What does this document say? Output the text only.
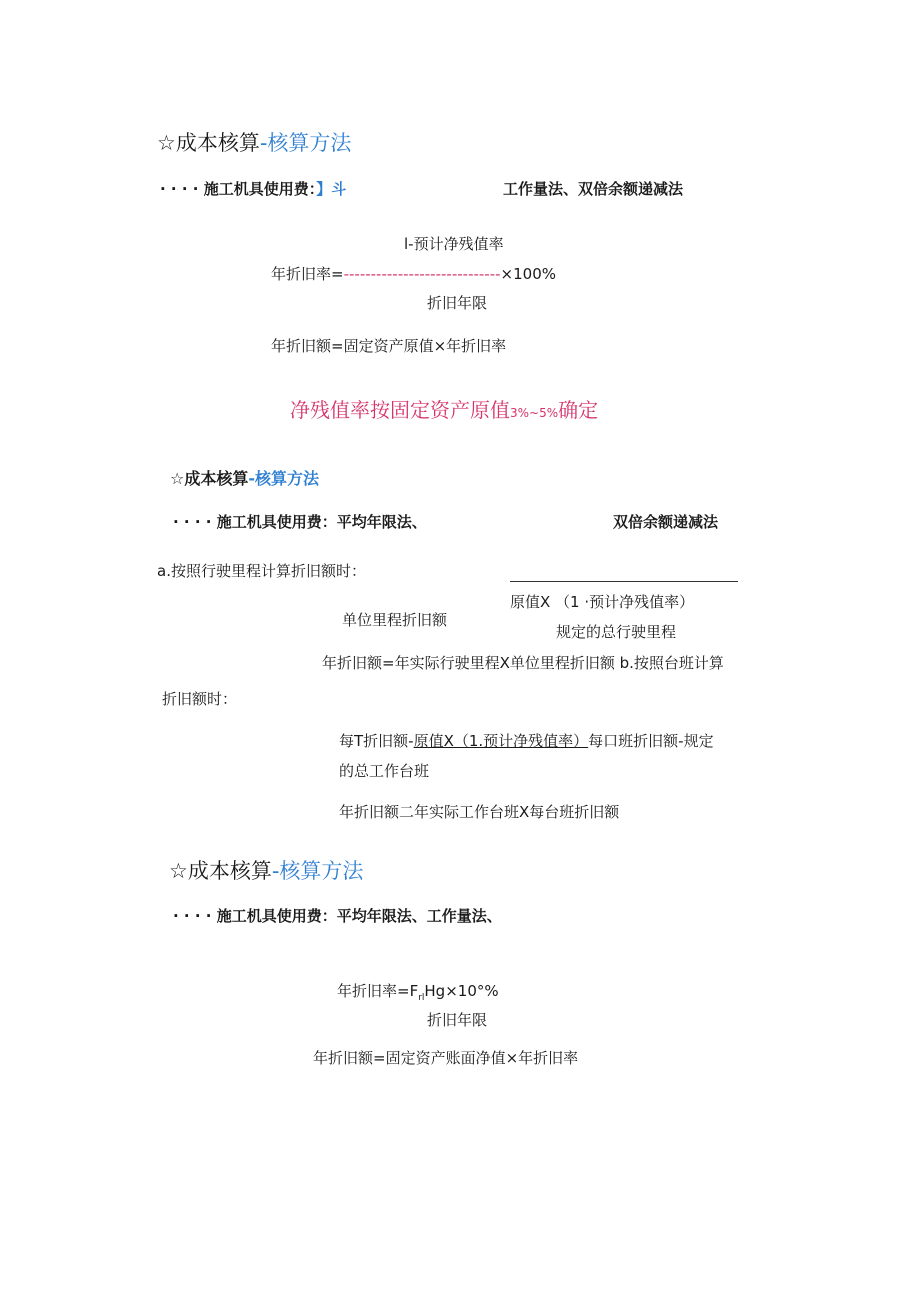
☆成本核算-核算方法
· · · · 施工机具使用费：】斗	工作量法、双倍余额递减法
l-预计净残值率
年折旧率=-----------------------------×100%
折旧年限
年折旧额=固定资产原值×年折旧率
净残值率按固定资产原值3%~5%确定
☆成本核算-核算方法
· · · · 施工机具使用费：平均年限法、	双倍余额递减法
a.按照行驶里程计算折旧额时：
原值X （1 ·预计净残值率）
单位里程折旧额
规定的总行驶里程
年折旧额=年实际行驶里程X单位里程折旧额 b.按照台班计算
折旧额时：
每T折旧额-原值X（1.预计净残值率）每口班折旧额-规定
的总工作台班
年折旧额二年实际工作台班X每台班折旧额
☆成本核算-核算方法
· · · · 施工机具使用费：平均年限法、工作量法、
年折旧率$=F_{rl}Hg\times 10^\circ\%$
折旧年限
年折旧额=固定资产账面净值×年折旧率
